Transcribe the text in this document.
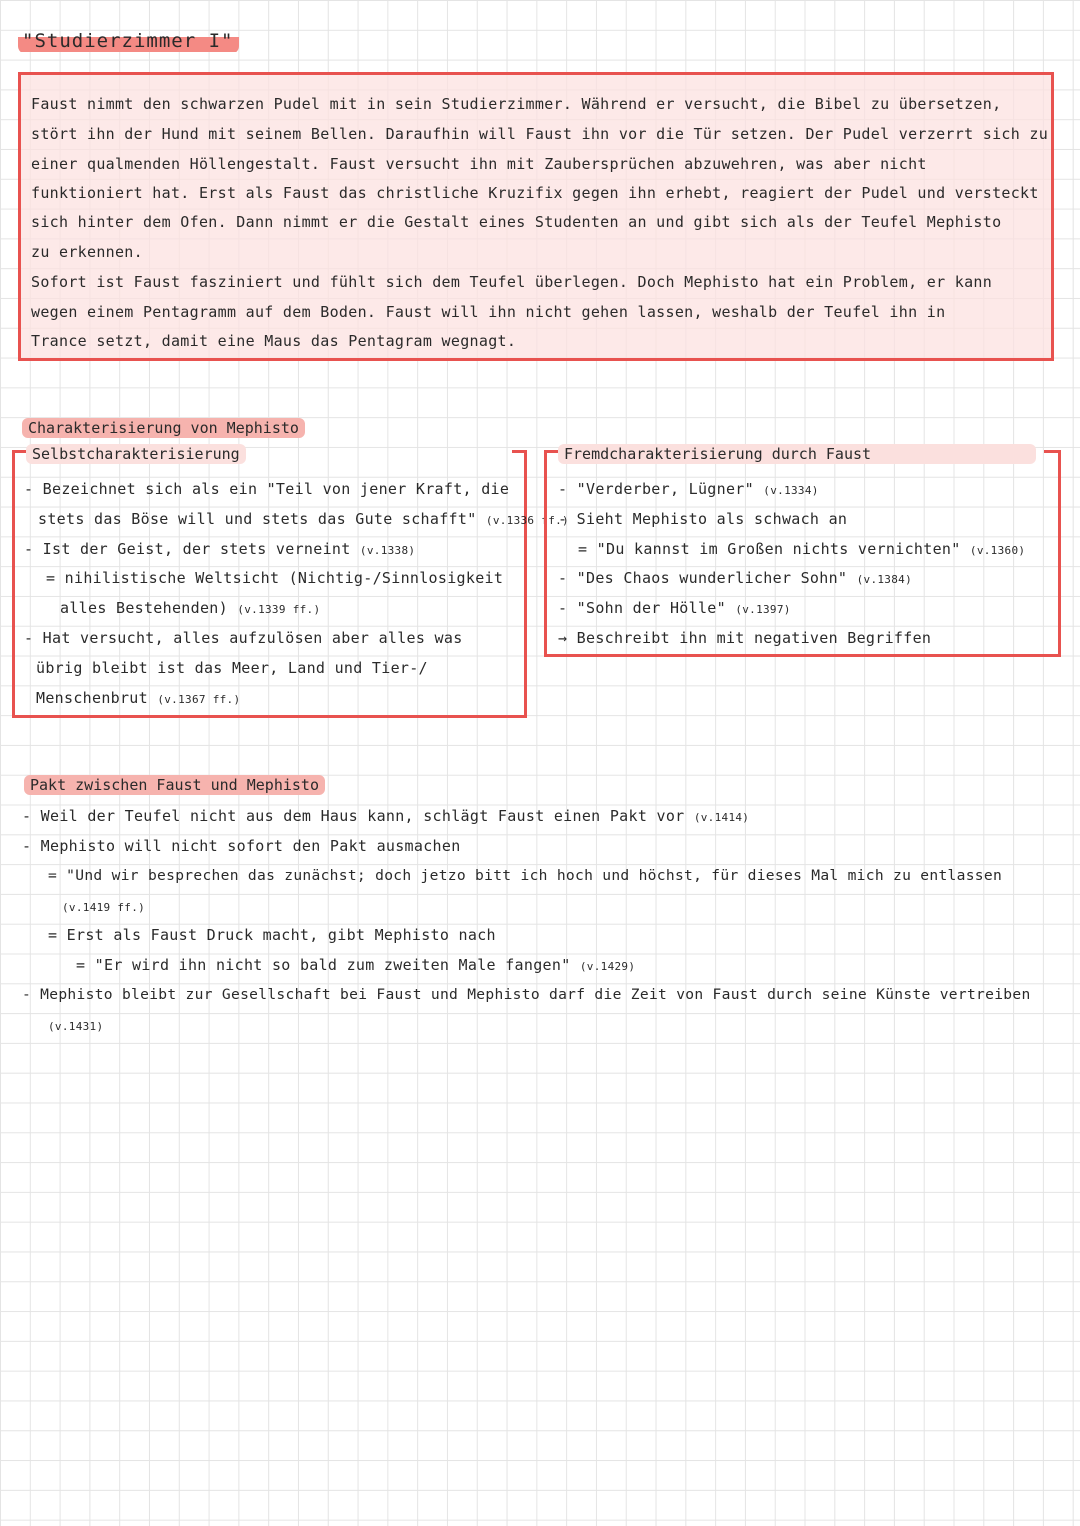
"Studierzimmer I"
Faust nimmt den schwarzen Pudel mit in sein Studierzimmer. Während er versucht, die Bibel zu übersetzen,
stört ihn der Hund mit seinem Bellen. Daraufhin will Faust ihn vor die Tür setzen. Der Pudel verzerrt sich zu
einer qualmenden Höllengestalt. Faust versucht ihn mit Zaubersprüchen abzuwehren, was aber nicht
funktioniert hat. Erst als Faust das christliche Kruzifix gegen ihn erhebt, reagiert der Pudel und versteckt
sich hinter dem Ofen. Dann nimmt er die Gestalt eines Studenten an und gibt sich als der Teufel Mephisto
zu erkennen.
Sofort ist Faust fasziniert und fühlt sich dem Teufel überlegen. Doch Mephisto hat ein Problem, er kann
wegen einem Pentagramm auf dem Boden. Faust will ihn nicht gehen lassen, weshalb der Teufel ihn in
Trance setzt, damit eine Maus das Pentagram wegnagt.
Charakterisierung von Mephisto
Selbstcharakterisierung
- Bezeichnet sich als ein "Teil von jener Kraft, die
stets das Böse will und stets das Gute schafft" (v.1336 ff.)
- Ist der Geist, der stets verneint (v.1338)
= nihilistische Weltsicht (Nichtig-/Sinnlosigkeit
alles Bestehenden) (v.1339 ff.)
- Hat versucht, alles aufzulösen aber alles was
übrig bleibt ist das Meer, Land und Tier-/
Menschenbrut (v.1367 ff.)
Fremdcharakterisierung durch Faust
- "Verderber, Lügner" (v.1334)
- Sieht Mephisto als schwach an
= "Du kannst im Großen nichts vernichten" (v.1360)
- "Des Chaos wunderlicher Sohn" (v.1384)
- "Sohn der Hölle" (v.1397)
→ Beschreibt ihn mit negativen Begriffen
Pakt zwischen Faust und Mephisto
- Weil der Teufel nicht aus dem Haus kann, schlägt Faust einen Pakt vor (v.1414)
- Mephisto will nicht sofort den Pakt ausmachen
= "Und wir besprechen das zunächst; doch jetzo bitt ich hoch und höchst, für dieses Mal mich zu entlassen
(v.1419 ff.)
= Erst als Faust Druck macht, gibt Mephisto nach
= "Er wird ihn nicht so bald zum zweiten Male fangen" (v.1429)
- Mephisto bleibt zur Gesellschaft bei Faust und Mephisto darf die Zeit von Faust durch seine Künste vertreiben
(v.1431)
